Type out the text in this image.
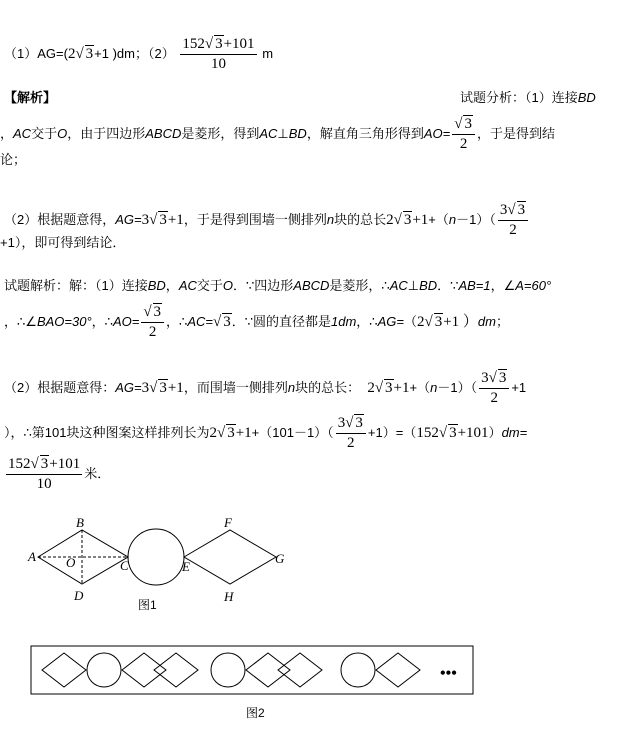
（1）AG=(2√ 3+1 )dm；$(2) \frac{152√ 3+101}{10}$ m
【解析】	试题分析：（1）连接BD
，AC交于O，由于四边形ABCD是菱形，得到AC⊥BD，解直角三角形得到$AO= \frac{√ 3}{2}$ ，于是得到结
论；
（2）根据题意得，AG=3√ 3+1，于是得到围墙一侧排列n块的总长2√ $3+1+(n-1)( \frac{3√ 3}{2}$
+1），即可得到结论．
试题解析：解：（1）连接BD，AC交于O．∵四边形ABCD是菱形，∴AC⊥BD．∵AB=1，∠A=60°
，∴∠BAO=30°，∴AO= $\frac{√ 3}{2}$ ，∴AC=√ 3．∵圆的直径都是1dm，∴AG=（2√ 3+1 ）dm；
（2）根据题意得：AG=3√ 3+1，而围墙一侧排列n块的总长： 2√ $3+1+(n-1)( \frac{3√ 3}{2} +1$
），∴第101块这种图案这样排列长为2√ $3+1+(101-1)( \frac{3√ 3}{2} +1)=(152√$ 3+101）dm=
$\frac{152√ 3+101}{10}$ 米．
A
B
C
D
O	E
F
G
H
图1
•••
图2
